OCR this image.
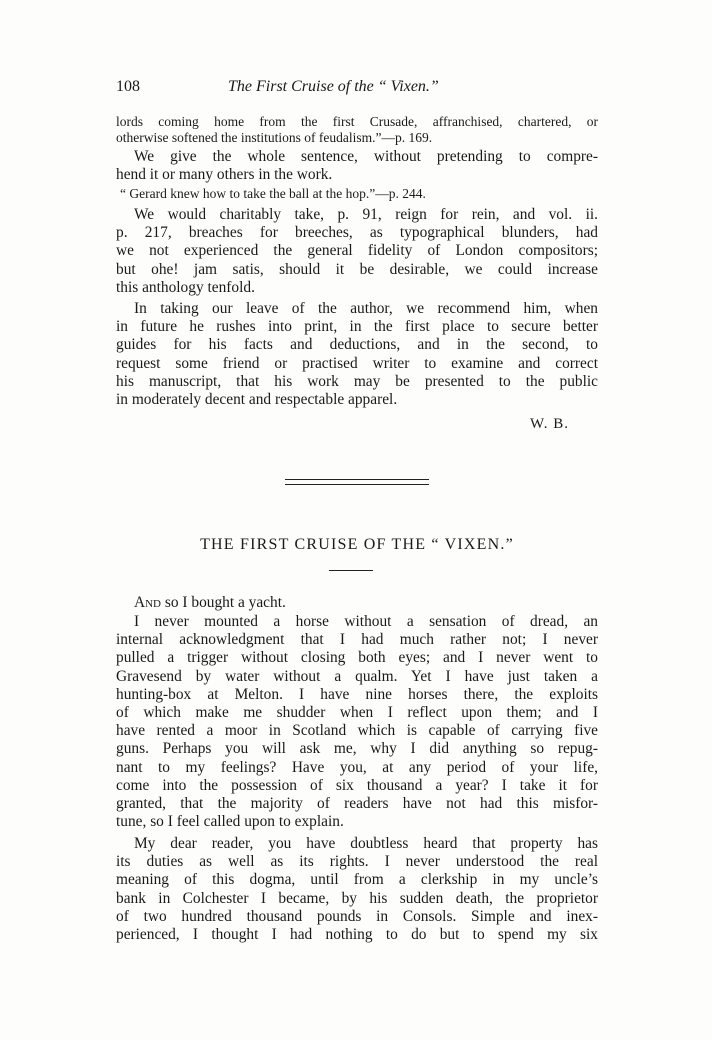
108	The First Cruise of the “ Vixen.”
lords coming home from the first Crusade, affranchised, chartered, or
otherwise softened the institutions of feudalism.”—p. 169.
We give the whole sentence, without pretending to compre-
hend it or many others in the work.
“ Gerard knew how to take the ball at the hop.”—p. 244.
We would charitably take, p. 91, reign for rein, and vol. ii.
p. 217, breaches for breeches, as typographical blunders, had
we not experienced the general fidelity of London compositors;
but ohe! jam satis, should it be desirable, we could increase
this anthology tenfold.
In taking our leave of the author, we recommend him, when
in future he rushes into print, in the first place to secure better
guides for his facts and deductions, and in the second, to
request some friend or practised writer to examine and correct
his manuscript, that his work may be presented to the public
in moderately decent and respectable apparel.
W. B.
THE FIRST CRUISE OF THE “ VIXEN.”
And so I bought a yacht.
I never mounted a horse without a sensation of dread, an
internal acknowledgment that I had much rather not; I never
pulled a trigger without closing both eyes; and I never went to
Gravesend by water without a qualm. Yet I have just taken a
hunting-box at Melton. I have nine horses there, the exploits
of which make me shudder when I reflect upon them; and I
have rented a moor in Scotland which is capable of carrying five
guns. Perhaps you will ask me, why I did anything so repug-
nant to my feelings? Have you, at any period of your life,
come into the possession of six thousand a year? I take it for
granted, that the majority of readers have not had this misfor-
tune, so I feel called upon to explain.
My dear reader, you have doubtless heard that property has
its duties as well as its rights. I never understood the real
meaning of this dogma, until from a clerkship in my uncle’s
bank in Colchester I became, by his sudden death, the proprietor
of two hundred thousand pounds in Consols. Simple and inex-
perienced, I thought I had nothing to do but to spend my six
